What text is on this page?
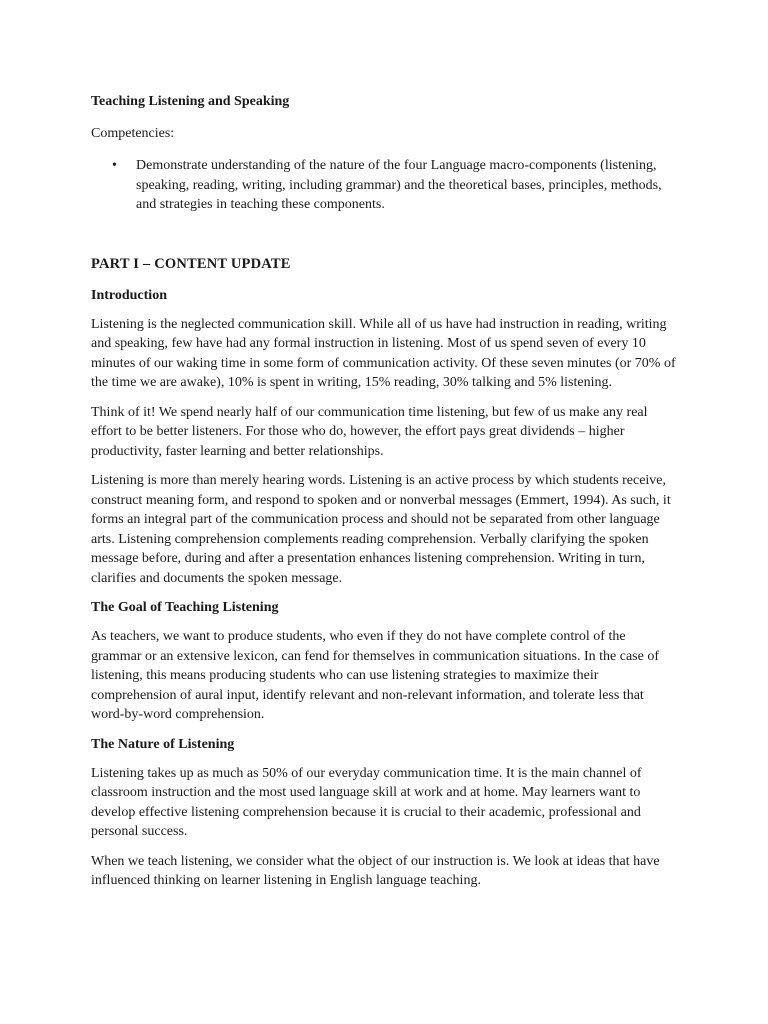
Teaching Listening and Speaking
Competencies:
• Demonstrate understanding of the nature of the four Language macro-components (listening, speaking, reading, writing, including grammar) and the theoretical bases, principles, methods, and strategies in teaching these components.
PART I – CONTENT UPDATE
Introduction

Listening is the neglected communication skill. While all of us have had instruction in reading, writing and speaking, few have had any formal instruction in listening. Most of us spend seven of every 10 minutes of our waking time in some form of communication activity. Of these seven minutes (or 70% of the time we are awake), 10% is spent in writing, 15% reading, 30% talking and 5% listening.

Think of it! We spend nearly half of our communication time listening, but few of us make any real effort to be better listeners. For those who do, however, the effort pays great dividends – higher productivity, faster learning and better relationships.

Listening is more than merely hearing words. Listening is an active process by which students receive, construct meaning form, and respond to spoken and or nonverbal messages (Emmert, 1994). As such, it forms an integral part of the communication process and should not be separated from other language arts. Listening comprehension complements reading comprehension. Verbally clarifying the spoken message before, during and after a presentation enhances listening comprehension. Writing in turn, clarifies and documents the spoken message.

The Goal of Teaching Listening

As teachers, we want to produce students, who even if they do not have complete control of the grammar or an extensive lexicon, can fend for themselves in communication situations. In the case of listening, this means producing students who can use listening strategies to maximize their comprehension of aural input, identify relevant and non-relevant information, and tolerate less that word-by-word comprehension.

The Nature of Listening

Listening takes up as much as 50% of our everyday communication time. It is the main channel of classroom instruction and the most used language skill at work and at home. May learners want to develop effective listening comprehension because it is crucial to their academic, professional and personal success.

When we teach listening, we consider what the object of our instruction is. We look at ideas that have influenced thinking on learner listening in English language teaching.
